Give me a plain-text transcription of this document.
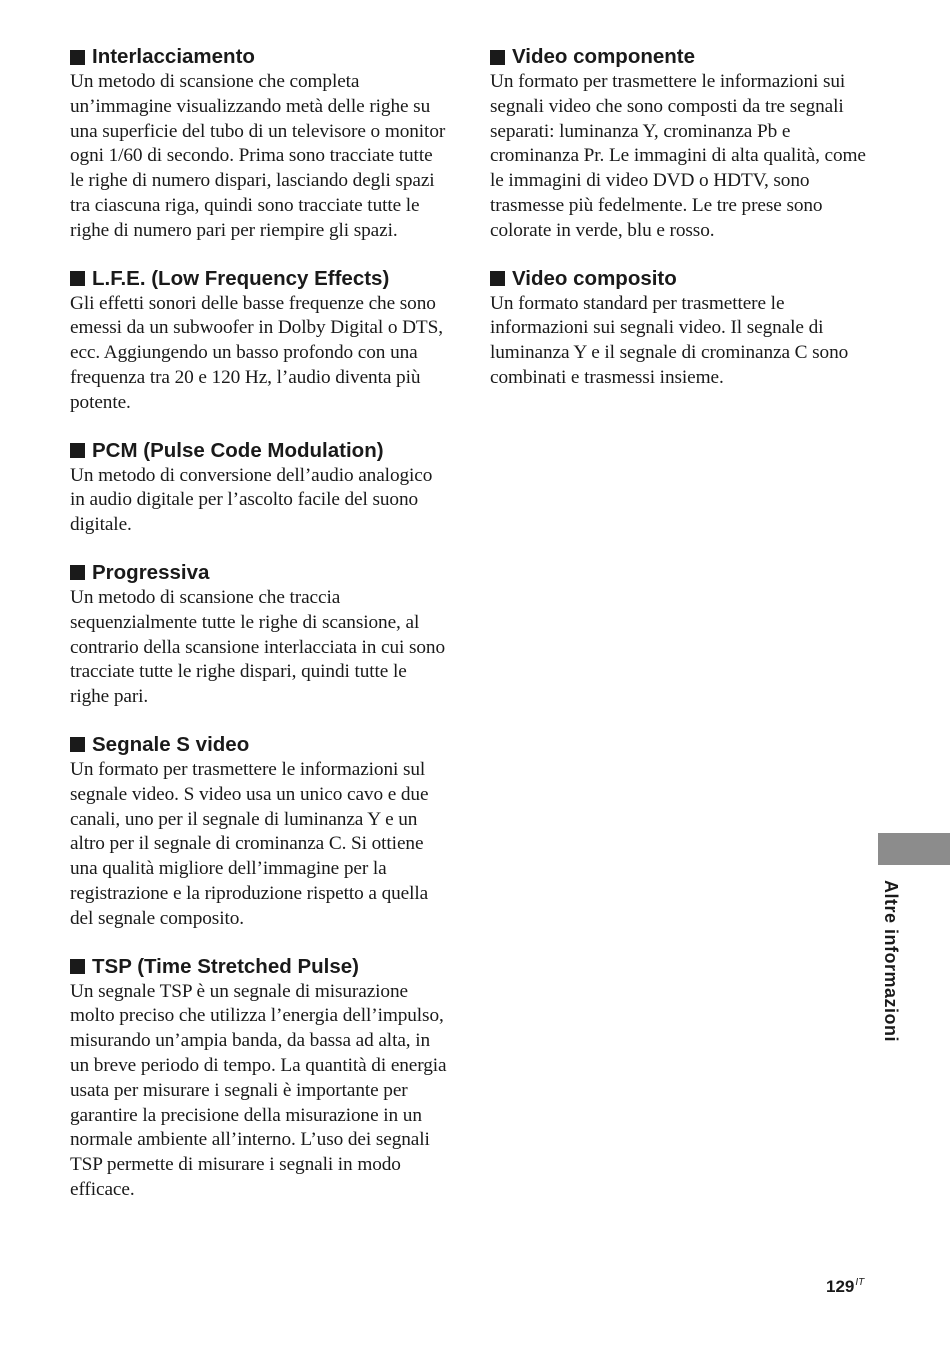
Interlacciamento

Un metodo di scansione che completa un’immagine visualizzando metà delle righe su una superficie del tubo di un televisore o monitor ogni 1/60 di secondo. Prima sono tracciate tutte le righe di numero dispari, lasciando degli spazi tra ciascuna riga, quindi sono tracciate tutte le righe di numero pari per riempire gli spazi.

L.F.E. (Low Frequency Effects)

Gli effetti sonori delle basse frequenze che sono emessi da un subwoofer in Dolby Digital o DTS, ecc. Aggiungendo un basso profondo con una frequenza tra 20 e 120 Hz, l’audio diventa più potente.

PCM (Pulse Code Modulation)

Un metodo di conversione dell’audio analogico in audio digitale per l’ascolto facile del suono digitale.

Progressiva

Un metodo di scansione che traccia sequenzialmente tutte le righe di scansione, al contrario della scansione interlacciata in cui sono tracciate tutte le righe dispari, quindi tutte le righe pari.

Segnale S video

Un formato per trasmettere le informazioni sul segnale video. S video usa un unico cavo e due canali, uno per il segnale di luminanza Y e un altro per il segnale di crominanza C. Si ottiene una qualità migliore dell’immagine per la registrazione e la riproduzione rispetto a quella del segnale composito.

TSP (Time Stretched Pulse)

Un segnale TSP è un segnale di misurazione molto preciso che utilizza l’energia dell’impulso, misurando un’ampia banda, da bassa ad alta, in un breve periodo di tempo. La quantità di energia usata per misurare i segnali è importante per garantire la precisione della misurazione in un normale ambiente all’interno. L’uso dei segnali TSP permette di misurare i segnali in modo efficace.

Video componente

Un formato per trasmettere le informazioni sui segnali video che sono composti da tre segnali separati: luminanza Y, crominanza Pb e crominanza Pr. Le immagini di alta qualità, come le immagini di video DVD o HDTV, sono trasmesse più fedelmente. Le tre prese sono colorate in verde, blu e rosso.

Video composito

Un formato standard per trasmettere le informazioni sui segnali video. Il segnale di luminanza Y e il segnale di crominanza C sono combinati e trasmessi insieme.

Altre informazioni
$129^{IT}$
